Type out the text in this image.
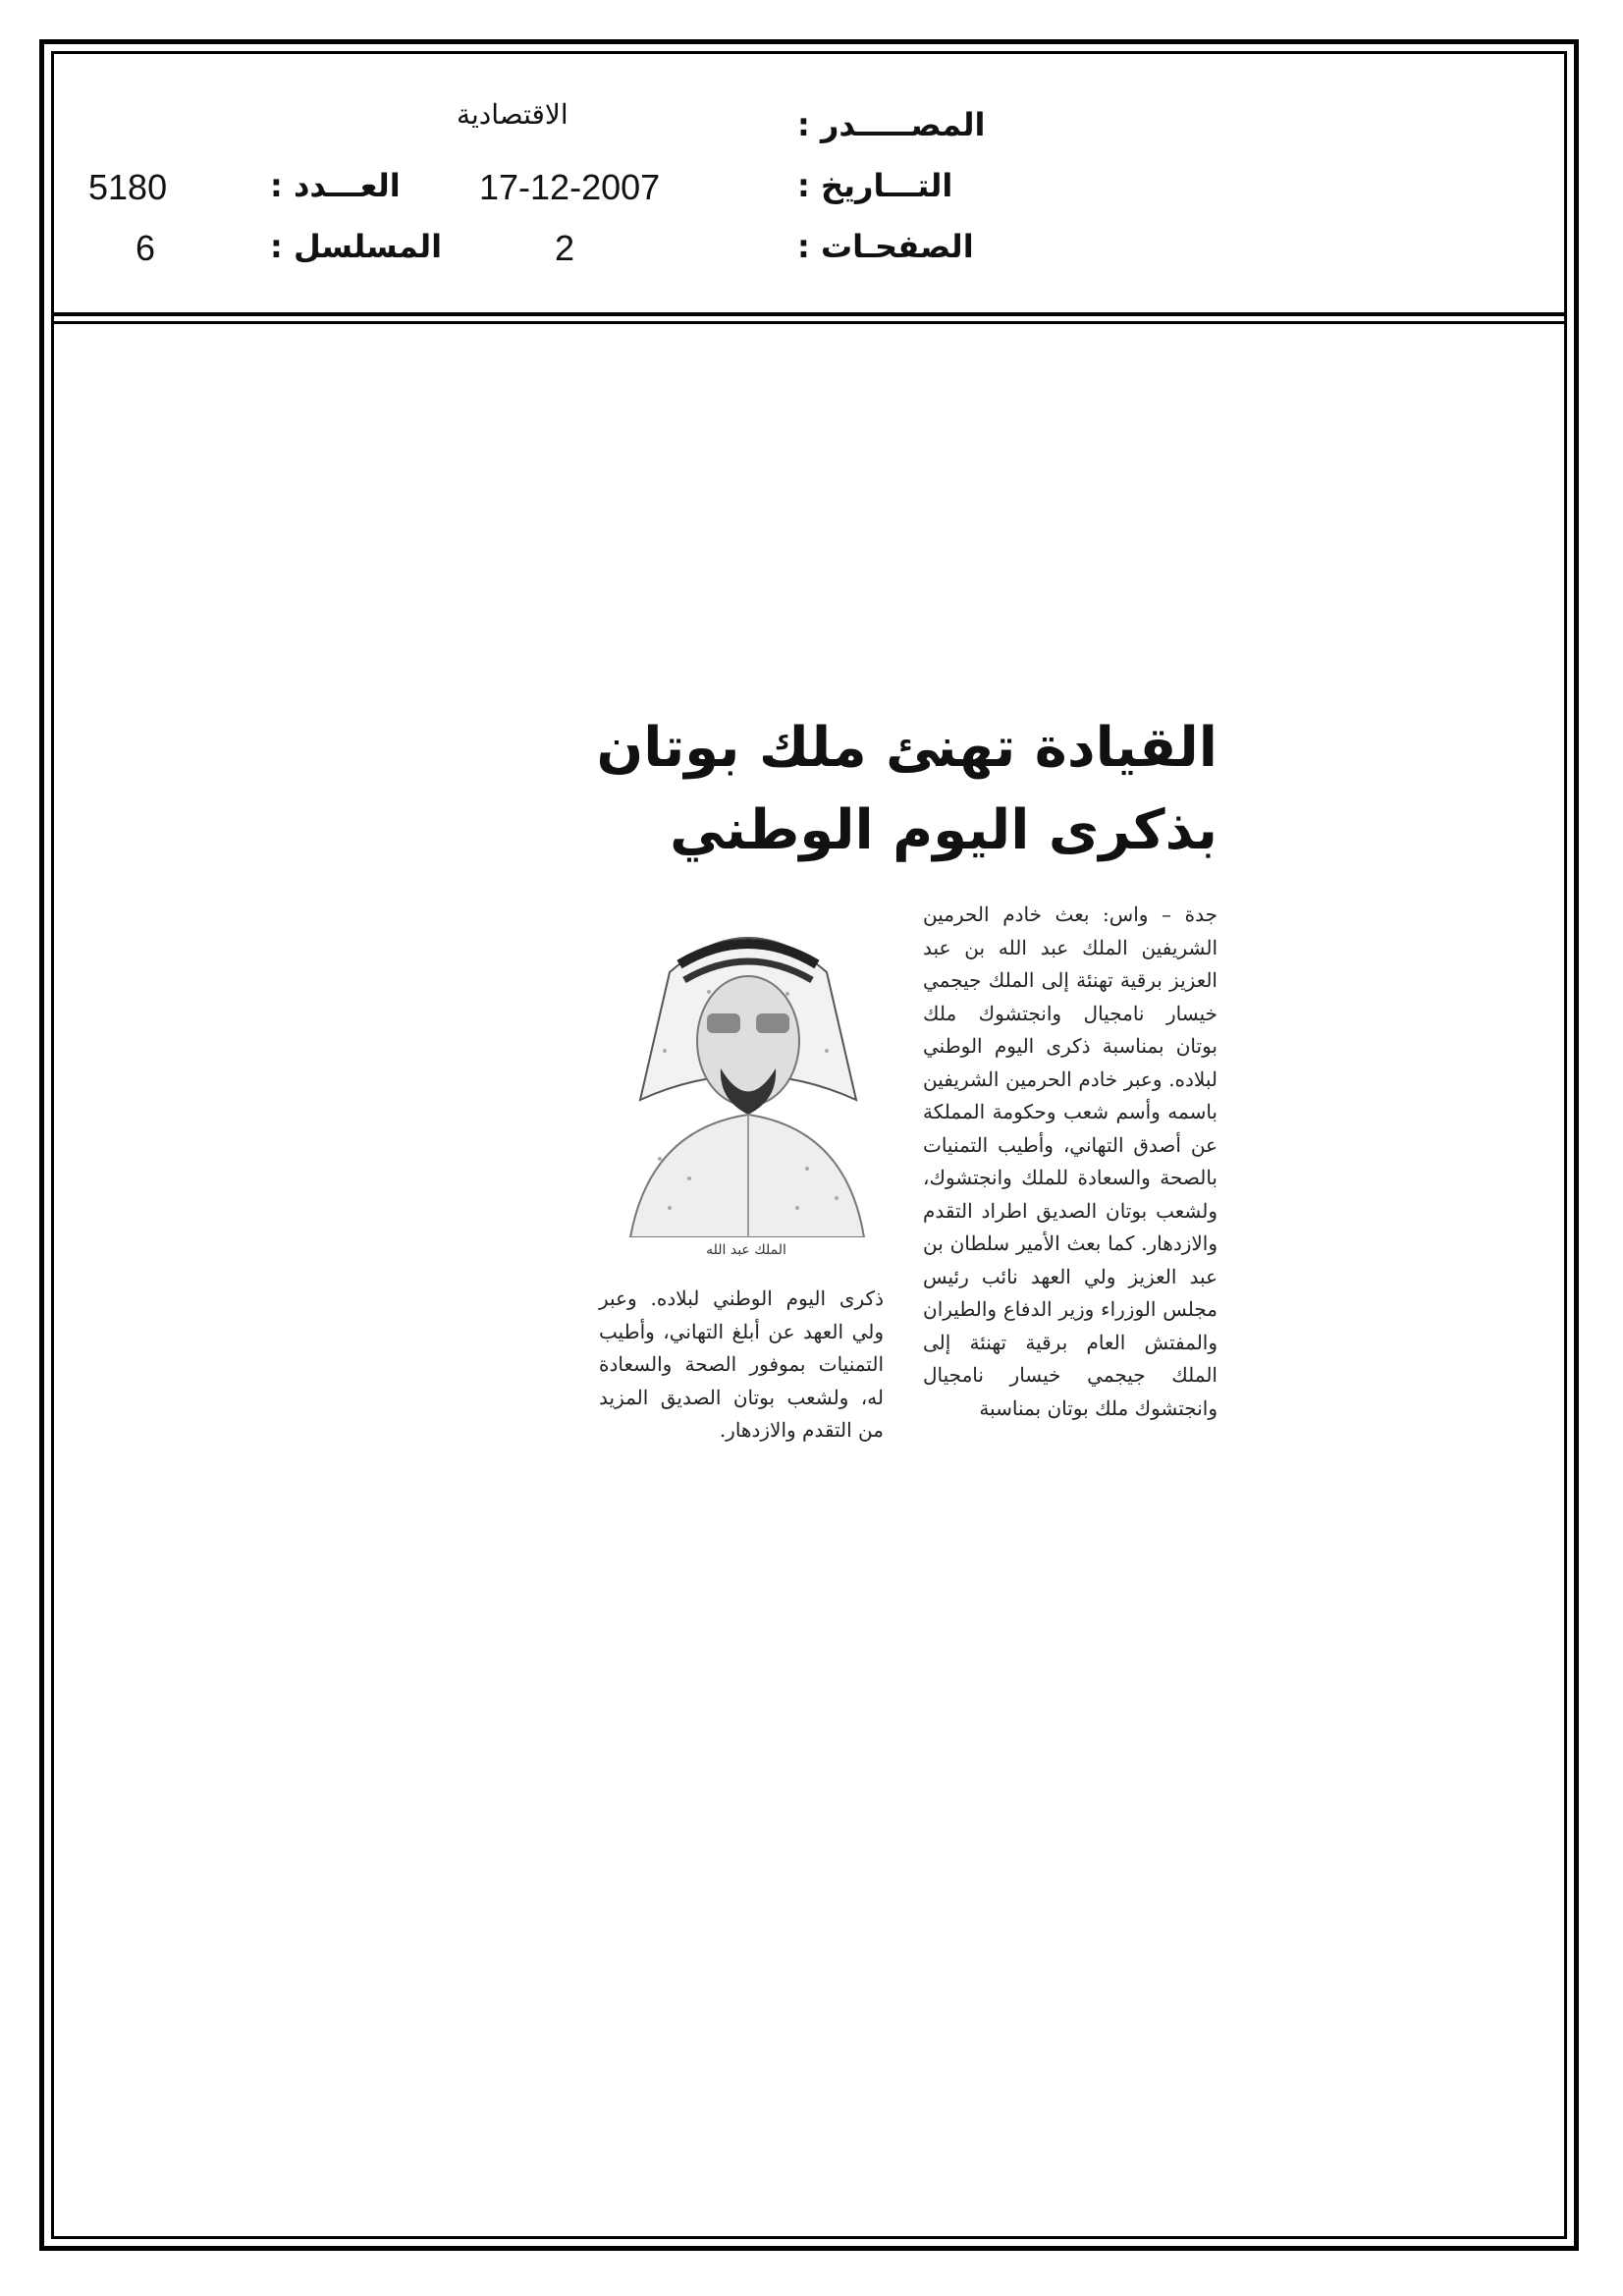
المصـــــدر :
الاقتصادية
التـــاريخ :
17-12-2007
الصفحـات :
2
العـــدد :
5180
المسلسل :
6
القيادة تهنئ ملك بوتان
بذكرى اليوم الوطني
جدة – واس: بعث خادم الحرمين الشريفين الملك عبد الله بن عبد العزيز برقية تهنئة إلى الملك جيجمي خيسار نامجيال وانجتشوك ملك بوتان بمناسبة ذكرى اليوم الوطني لبلاده. وعبر خادم الحرمين الشريفين باسمه وأسم شعب وحكومة المملكة عن أصدق التهاني، وأطيب التمنيات بالصحة والسعادة للملك وانجتشوك، ولشعب بوتان الصديق اطراد التقدم والازدهار. كما بعث الأمير سلطان بن عبد العزيز ولي العهد نائب رئيس مجلس الوزراء وزير الدفاع والطيران والمفتش العام برقية تهنئة إلى الملك جيجمي خيسار نامجيال وانجتشوك ملك بوتان بمناسبة
الملك عبد الله
ذكرى اليوم الوطني لبلاده. وعبر ولي العهد عن أبلغ التهاني، وأطيب التمنيات بموفور الصحة والسعادة له، ولشعب بوتان الصديق المزيد من التقدم والازدهار.
